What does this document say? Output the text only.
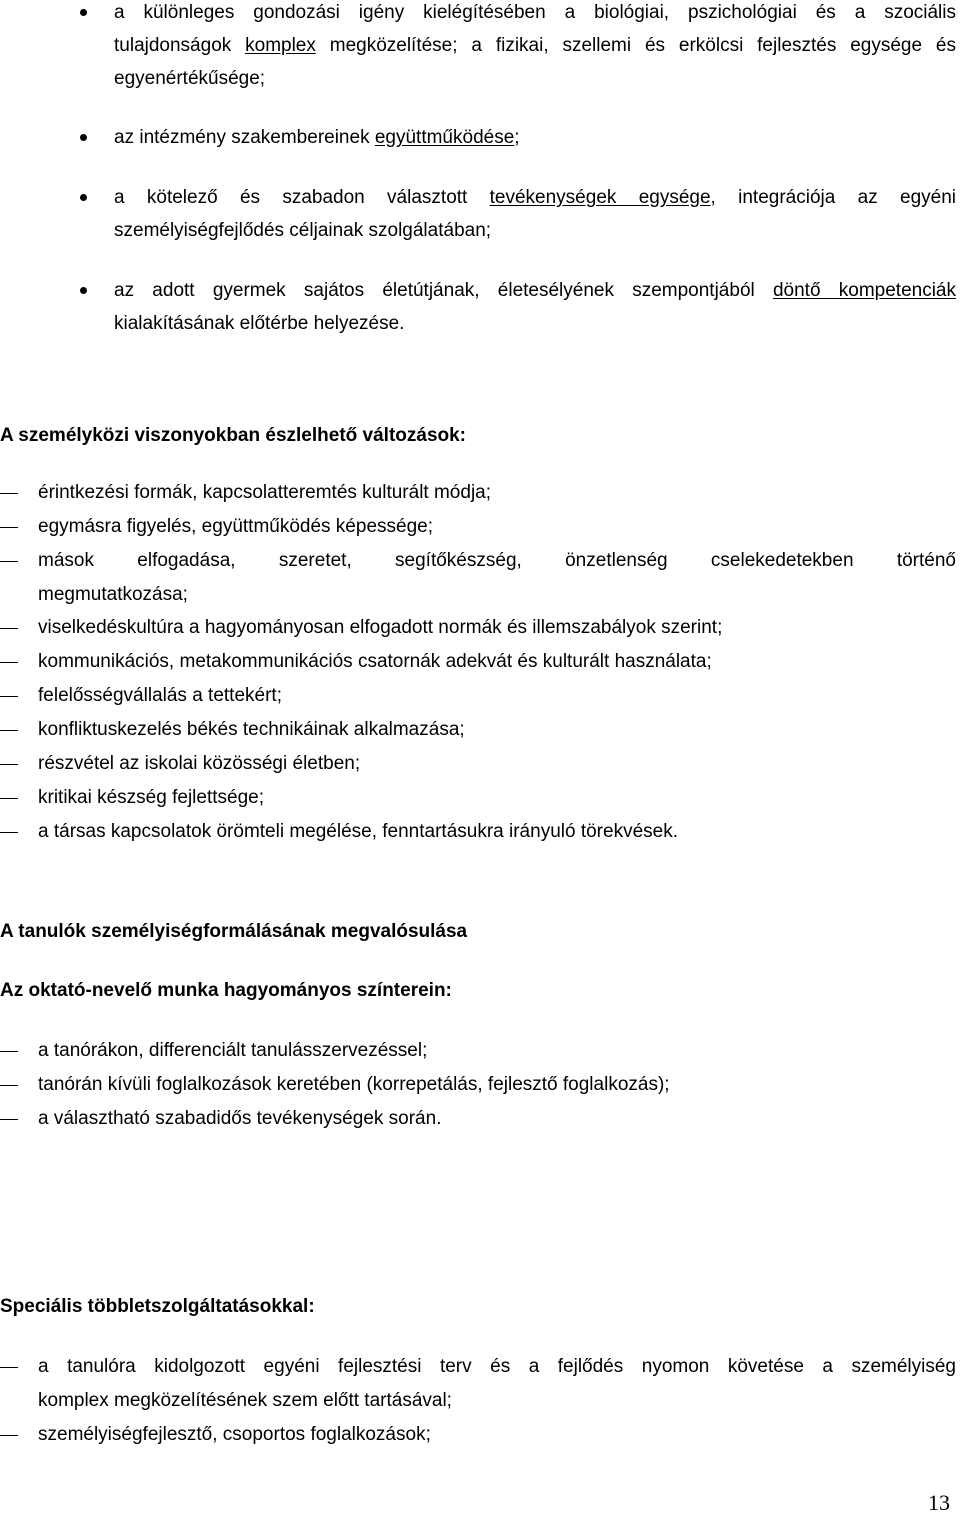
a különleges gondozási igény kielégítésében a biológiai, pszichológiai és a szociális
tulajdonságok komplex megközelítése; a fizikai, szellemi és erkölcsi fejlesztés egysége és
egyenértékűsége;
az intézmény szakembereinek együttműködése;
a kötelező és szabadon választott tevékenységek egysége, integrációja az egyéni
személyiségfejlődés céljainak szolgálatában;
az adott gyermek sajátos életútjának, életesélyének szempontjából döntő kompetenciák
kialakításának előtérbe helyezése.
A személyközi viszonyokban észlelhető változások:
érintkezési formák, kapcsolatteremtés kulturált módja;
egymásra figyelés, együttműködés képessége;
mások elfogadása, szeretet, segítőkészség, önzetlenség cselekedetekben történő
megmutatkozása;
viselkedéskultúra a hagyományosan elfogadott normák és illemszabályok szerint;
kommunikációs, metakommunikációs csatornák adekvát és kulturált használata;
felelősségvállalás a tettekért;
konfliktuskezelés békés technikáinak alkalmazása;
részvétel az iskolai közösségi életben;
kritikai készség fejlettsége;
a társas kapcsolatok örömteli megélése, fenntartásukra irányuló törekvések.
A tanulók személyiségformálásának megvalósulása
Az oktató-nevelő munka hagyományos színterein:
a tanórákon, differenciált tanulásszervezéssel;
tanórán kívüli foglalkozások keretében (korrepetálás, fejlesztő foglalkozás);
a választható szabadidős tevékenységek során.
Speciális többletszolgáltatásokkal:
a tanulóra kidolgozott egyéni fejlesztési terv és a fejlődés nyomon követése a személyiség
komplex megközelítésének szem előtt tartásával;
személyiségfejlesztő, csoportos foglalkozások;
13
